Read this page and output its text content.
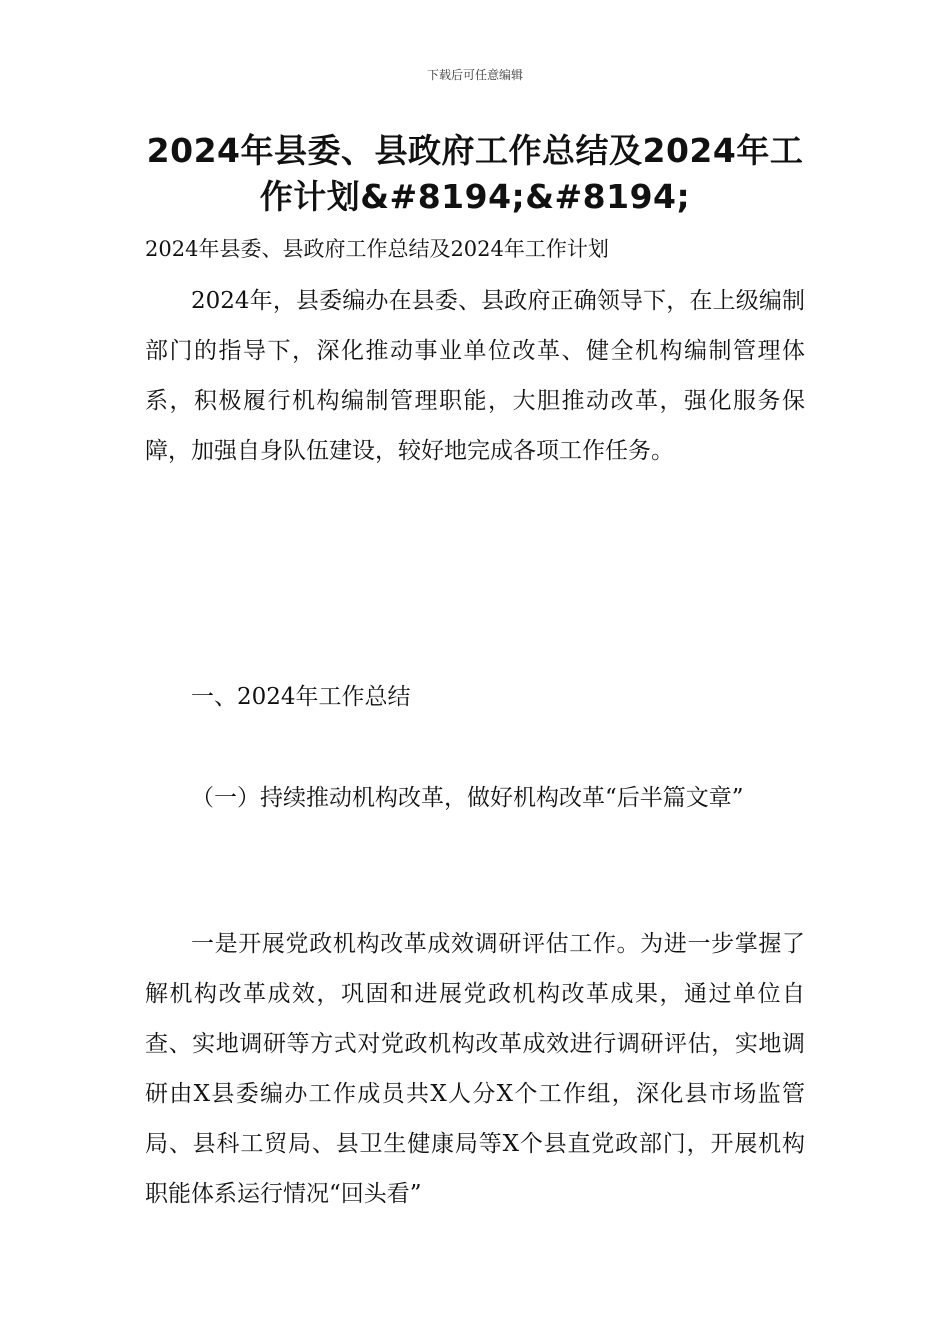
下载后可任意编辑
2024年县委、县政府工作总结及2024年工作计划&#8194;&#8194;
2024年县委、县政府工作总结及2024年工作计划

2024年，县委编办在县委、县政府正确领导下，在上级编制部门的指导下，深化推动事业单位改革、健全机构编制管理体系，积极履行机构编制管理职能，大胆推动改革，强化服务保障，加强自身队伍建设，较好地完成各项工作任务。

一、2024年工作总结

（一）持续推动机构改革，做好机构改革“后半篇文章”

一是开展党政机构改革成效调研评估工作。为进一步掌握了解机构改革成效，巩固和进展党政机构改革成果，通过单位自查、实地调研等方式对党政机构改革成效进行调研评估，实地调研由X县委编办工作成员共X人分X个工作组，深化县市场监管局、县科工贸局、县卫生健康局等X个县直党政部门，开展机构职能体系运行情况“回头看”
